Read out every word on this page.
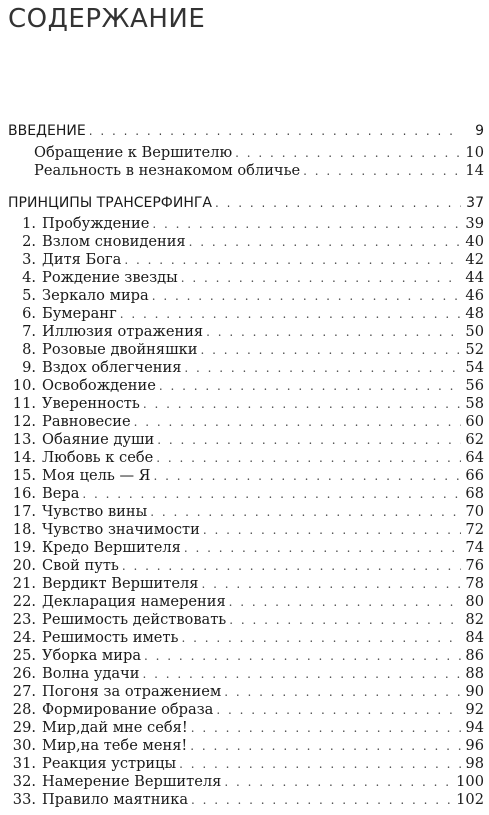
СОДЕРЖАНИЕ
ВВЕДЕНИЕ . . .	9
Обращение к Вершителю . . .	10
Реальность в незнакомом обличье . . .	14
ПРИНЦИПЫ ТРАНСЕРФИНГА . . .	37
1. Пробуждение . . .	39
2. Взлом сновидения . . .	40
3. Дитя Бога . . .	42
4. Рождение звезды . . .	44
5. Зеркало мира . . .	46
6. Бумеранг . . .	48
7. Иллюзия отражения . . .	50
8. Розовые двойняшки . . .	52
9. Вздох облегчения . . .	54
10. Освобождение . . .	56
11. Уверенность . . .	58
12. Равновесие . . .	60
13. Обаяние души . . .	62
14. Любовь к себе . . .	64
15. Моя цель — Я . . .	66
16. Вера . . .	68
17. Чувство вины . . .	70
18. Чувство значимости . . .	72
19. Кредо Вершителя . . .	74
20. Свой путь . . .	76
21. Вердикт Вершителя . . .	78
22. Декларация намерения . . .	80
23. Решимость действовать . . .	82
24. Решимость иметь . . .	84
25. Уборка мира . . .	86
26. Волна удачи . . .	88
27. Погоня за отражением . . .	90
28. Формирование образа . . .	92
29. Мир,дай мне себя! . . .	94
30. Мир,на тебе меня! . . .	96
31. Реакция устрицы . . .	98
32. Намерение Вершителя . . .	100
33. Правило маятника . . .	102
